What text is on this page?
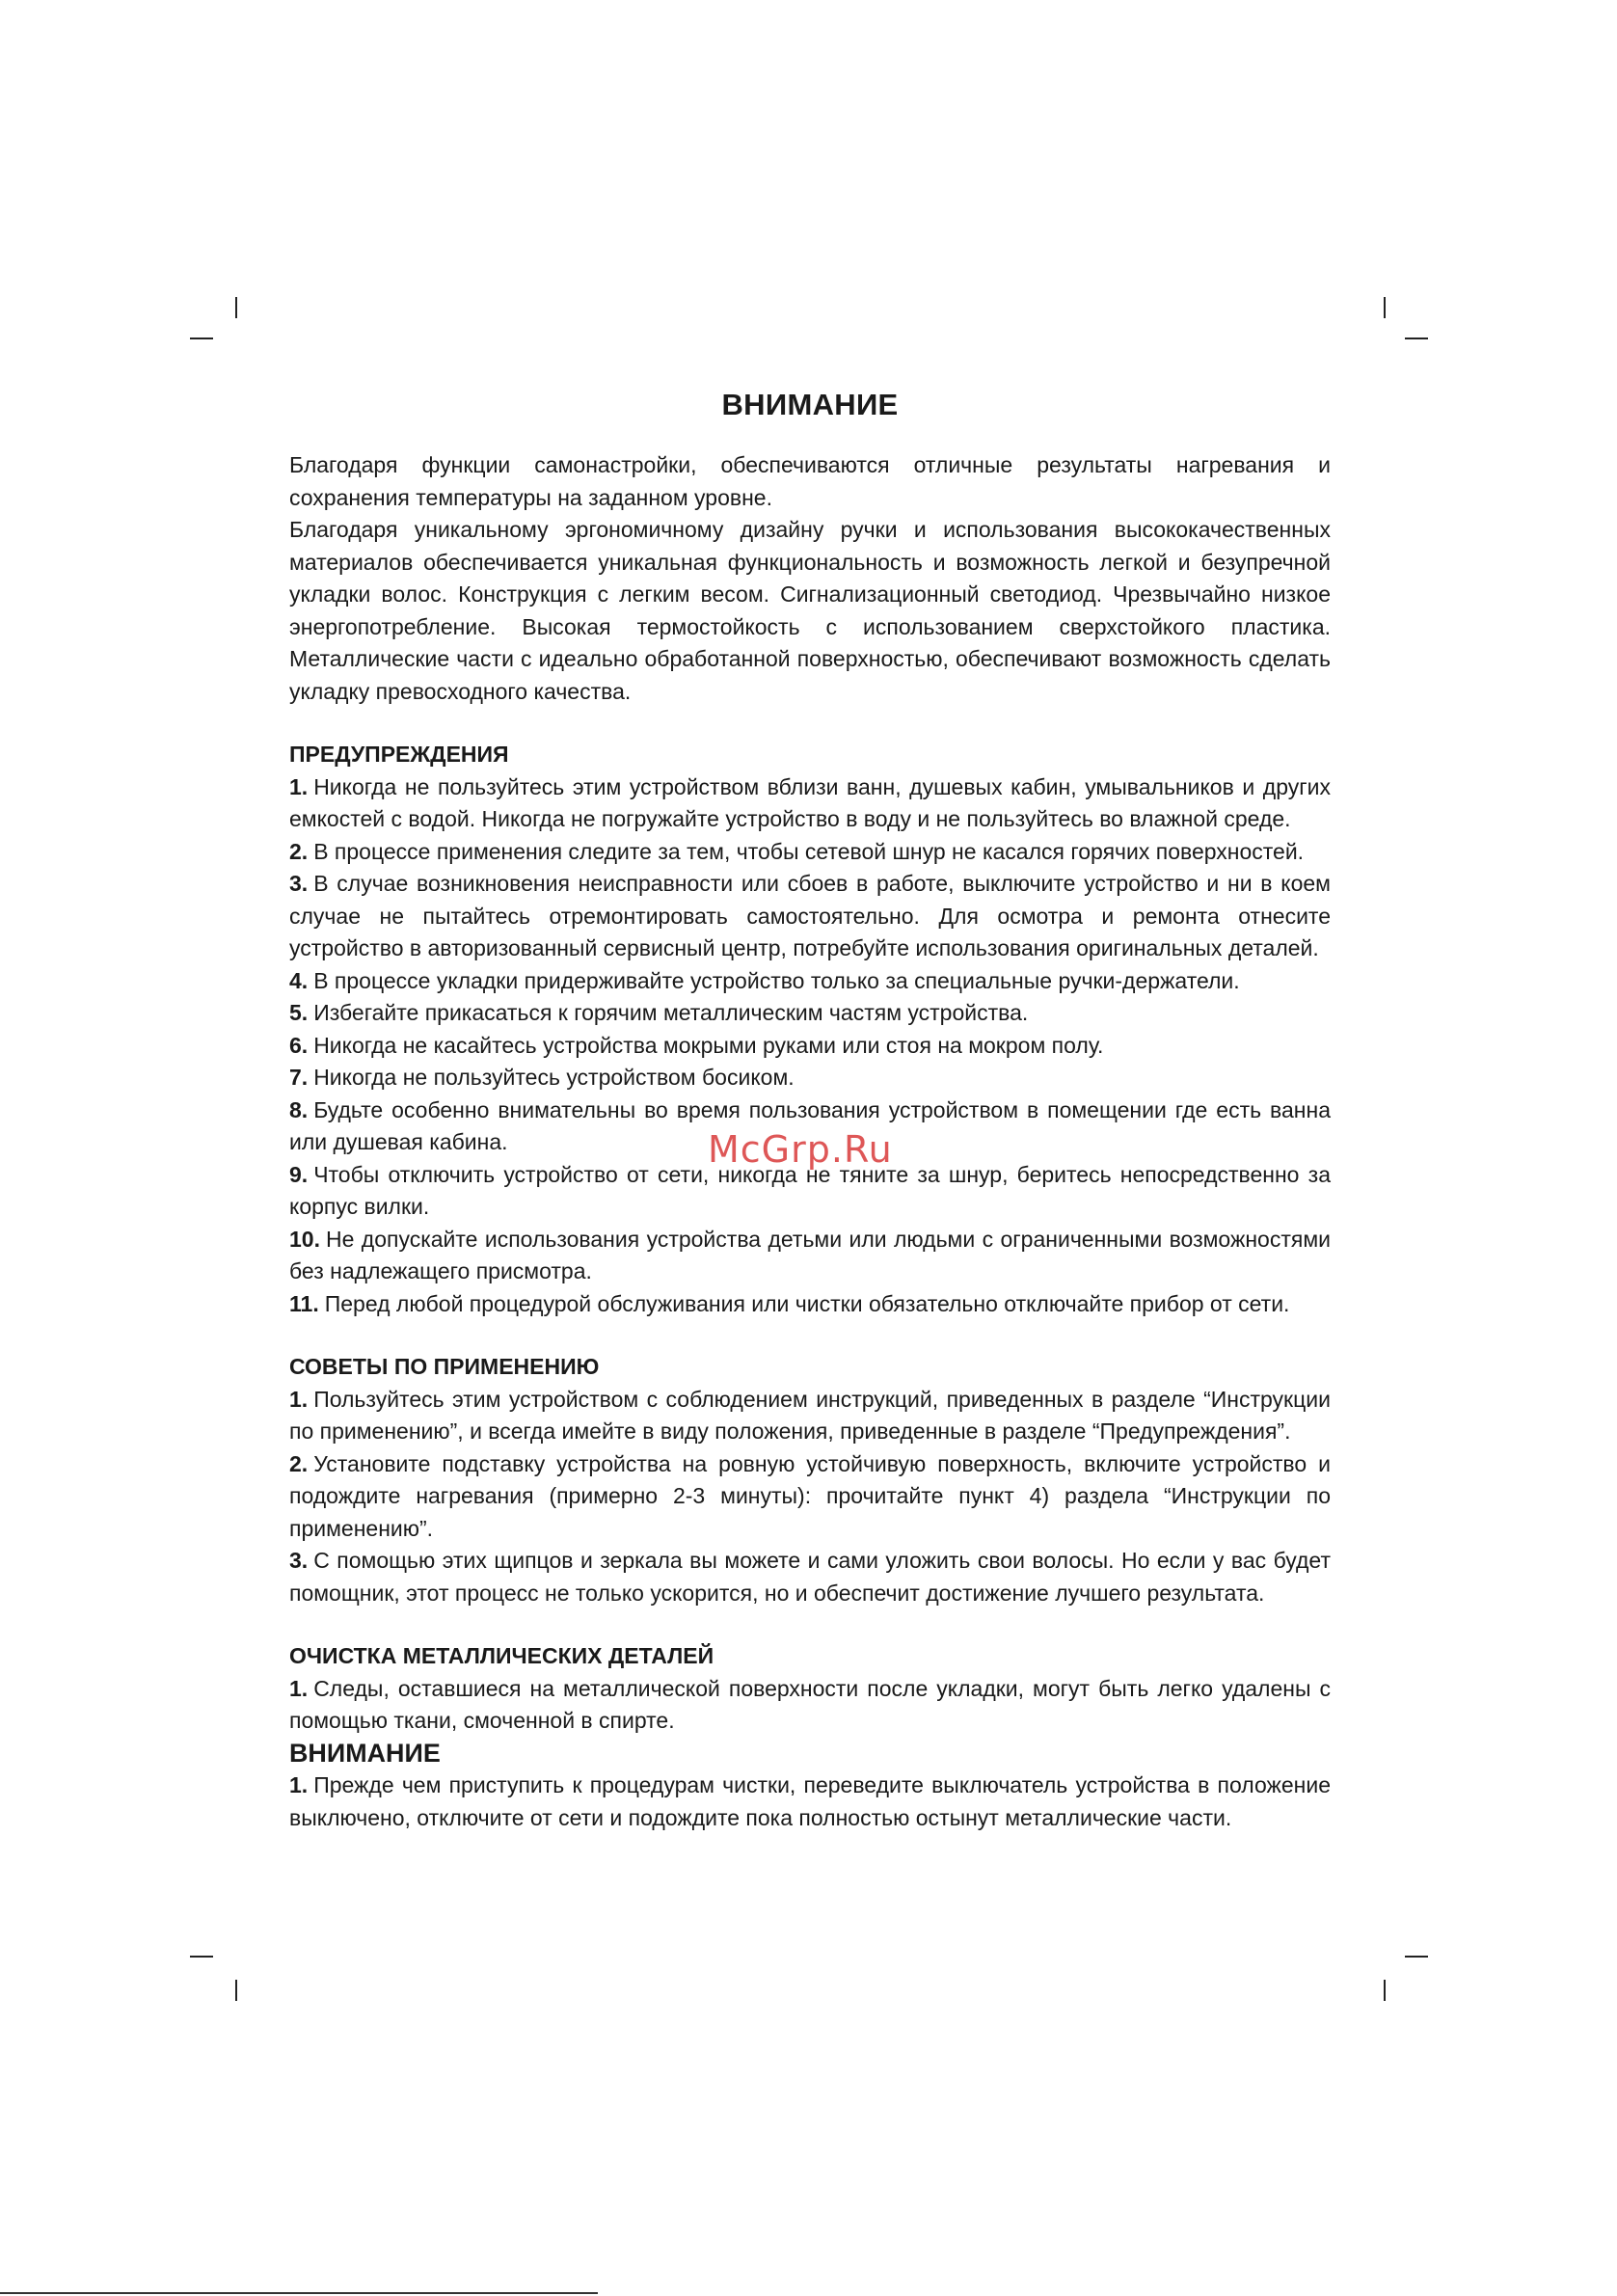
ВНИМАНИЕ

Благодаря функции самонастройки, обеспечиваются отличные результаты нагревания и сохранения температуры на заданном уровне.

Благодаря уникальному эргономичному дизайну ручки и использования высококачественных материалов обеспечивается уникальная функциональность и возможность легкой и безупречной укладки волос. Конструкция с легким весом. Сигнализационный светодиод. Чрезвычайно низкое энергопотребление. Высокая термостойкость с использованием сверхстойкого пластика. Металлические части с идеально обработанной поверхностью, обеспечивают возможность сделать укладку превосходного качества.

ПРЕДУПРЕЖДЕНИЯ

1. Никогда не пользуйтесь этим устройством вблизи ванн, душевых кабин, умывальников и других емкостей с водой. Никогда не погружайте устройство в воду и не пользуйтесь во влажной среде.

2. В процессе применения следите за тем, чтобы сетевой шнур не касался горячих поверхностей.

3. В случае возникновения неисправности или сбоев в работе, выключите устройство и ни в коем случае не пытайтесь отремонтировать самостоятельно. Для осмотра и ремонта отнесите устройство в авторизованный сервисный центр, потребуйте использования оригинальных деталей.

4. В процессе укладки придерживайте устройство только за специальные ручки-держатели.

5. Избегайте прикасаться к горячим металлическим частям устройства.

6. Никогда не касайтесь устройства мокрыми руками или стоя на мокром полу.

7. Никогда не пользуйтесь устройством босиком.

8. Будьте особенно внимательны во время пользования устройством в помещении где есть ванна или душевая кабина.

9. Чтобы отключить устройство от сети, никогда не тяните за шнур, беритесь непосредственно за корпус вилки.

10. Не допускайте использования устройства детьми или людьми с ограниченными возможностями без надлежащего присмотра.

11. Перед любой процедурой обслуживания или чистки обязательно отключайте прибор от сети.

СОВЕТЫ ПО ПРИМЕНЕНИЮ

1. Пользуйтесь этим устройством с соблюдением инструкций, приведенных в разделе “Инструкции по применению”, и всегда имейте в виду положения, приведенные в разделе “Предупреждения”.

2. Установите подставку устройства на ровную устойчивую поверхность, включите устройство и подождите нагревания (примерно 2-3 минуты): прочитайте пункт 4) раздела “Инструкции по применению”.

3. С помощью этих щипцов и зеркала вы можете и сами уложить свои волосы. Но если у вас будет помощник, этот процесс не только ускорится, но и обеспечит достижение лучшего результата.

ОЧИСТКА МЕТАЛЛИЧЕСКИХ ДЕТАЛЕЙ

1. Следы, оставшиеся на металлической поверхности после укладки, могут быть легко удалены с помощью ткани, смоченной в спирте.

ВНИМАНИЕ

1. Прежде чем приступить к процедурам чистки, переведите выключатель устройства в положение выключено, отключите от сети и подождите пока полностью остынут металлические части.

McGrp.Ru
